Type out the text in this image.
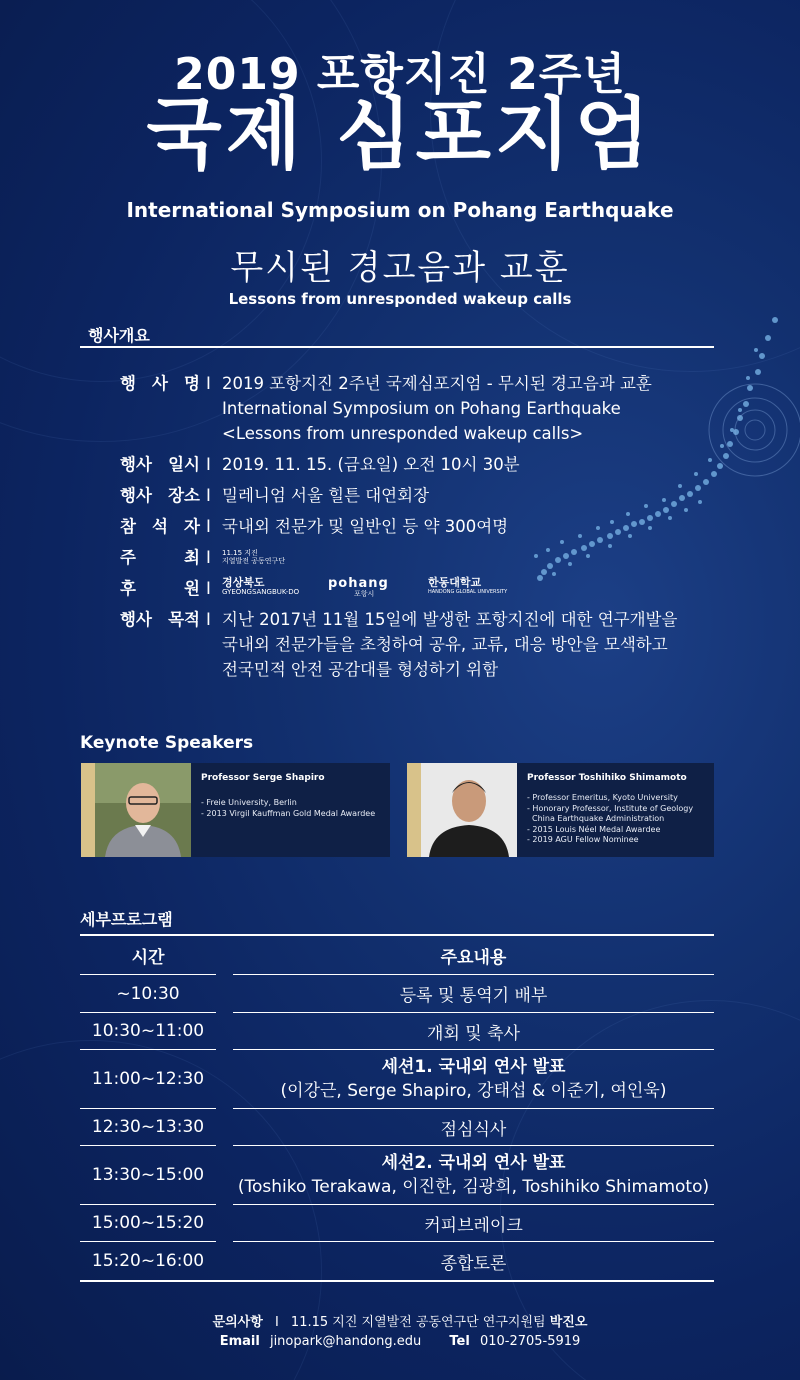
2019 포항지진 2주년
국제 심포지엄
International Symposium on Pohang Earthquake
무시된 경고음과 교훈
Lessons from unresponded wakeup calls
행사개요
행 사 명 I 2019 포항지진 2주년 국제심포지엄 - 무시된 경고음과 교훈
International Symposium on Pohang Earthquake
<Lessons from unresponded wakeup calls>
행사 일시 I 2019. 11. 15. (금요일) 오전 10시 30분
행사 장소 I 밀레니엄 서울 힐튼 대연회장
참 석 자 I 국내외 전문가 및 일반인 등 약 300여명
주 최 I 11.15 지진
지열발전 공동연구단
후 원 I 경상북도
GYEONGSANGBUK-DO
pohang
포항시
한동대학교
HANDONG GLOBAL UNIVERSITY
행사 목적 I 지난 2017년 11월 15일에 발생한 포항지진에 대한 연구개발을
국내외 전문가들을 초청하여 공유, 교류, 대응 방안을 모색하고
전국민적 안전 공감대를 형성하기 위함
Keynote Speakers
Professor Serge Shapiro
- Freie University, Berlin
- 2013 Virgil Kauffman Gold Medal Awardee
Professor Toshihiko Shimamoto
- Professor Emeritus, Kyoto University
- Honorary Professor, Institute of Geology
China Earthquake Administration
- 2015 Louis Néel Medal Awardee
- 2019 AGU Fellow Nominee
세부프로그램
시간		주요내용
~10:30		등록 및 통역기 배부
10:30~11:00		개회 및 축사
11:00~12:30		세션1. 국내외 연사 발표
(이강근, Serge Shapiro, 강태섭 & 이준기, 여인욱)

12:30~13:30		점심식사
13:30~15:00		세션2. 국내외 연사 발표
(Toshiko Terakawa, 이진한, 김광희, Toshihiko Shimamoto)

15:00~15:20		커피브레이크
15:20~16:00		종합토론
문의사항 I 11.15 지진 지열발전 공동연구단 연구지원팀 박진오
Email jinopark@handong.edu Tel 010-2705-5919
